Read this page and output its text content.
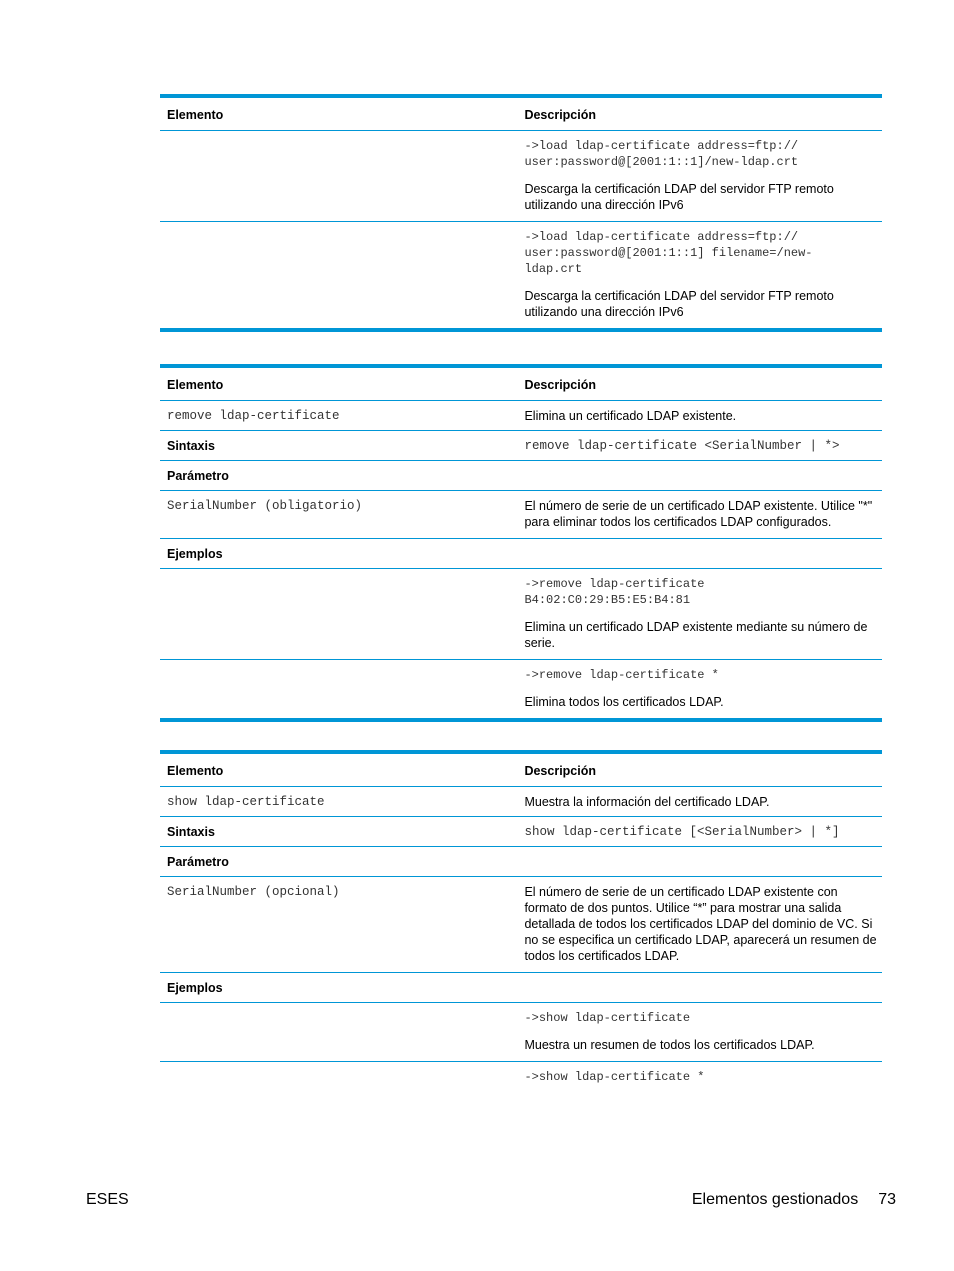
Elemento	Descripción

	->load ldap-certificate address=ftp://
user:password@[2001:1::1]/new-ldap.crt
Descarga la certificación LDAP del servidor FTP remoto utilizando una dirección IPv6

	->load ldap-certificate address=ftp://
user:password@[2001:1::1] filename=/new-
ldap.crt
Descarga la certificación LDAP del servidor FTP remoto utilizando una dirección IPv6
Elemento	Descripción
remove ldap-certificate	Elimina un certificado LDAP existente.
Sintaxis	remove ldap-certificate <SerialNumber | *>
Parámetro	
SerialNumber (obligatorio)	El número de serie de un certificado LDAP existente. Utilice "*" para eliminar todos los certificados LDAP configurados.
Ejemplos	

	->remove ldap-certificate
B4:02:C0:29:B5:E5:B4:81
Elimina un certificado LDAP existente mediante su número de serie.

	->remove ldap-certificate *
Elimina todos los certificados LDAP.
Elemento	Descripción
show ldap-certificate	Muestra la información del certificado LDAP.
Sintaxis	show ldap-certificate [<SerialNumber> | *]
Parámetro	
SerialNumber (opcional)	El número de serie de un certificado LDAP existente con formato de dos puntos. Utilice “*” para mostrar una salida detallada de todos los certificados LDAP del dominio de VC. Si no se especifica un certificado LDAP, aparecerá un resumen de todos los certificados LDAP.
Ejemplos	

	->show ldap-certificate
Muestra un resumen de todos los certificados LDAP.

	->show ldap-certificate *
ESES	Elementos gestionados 73
